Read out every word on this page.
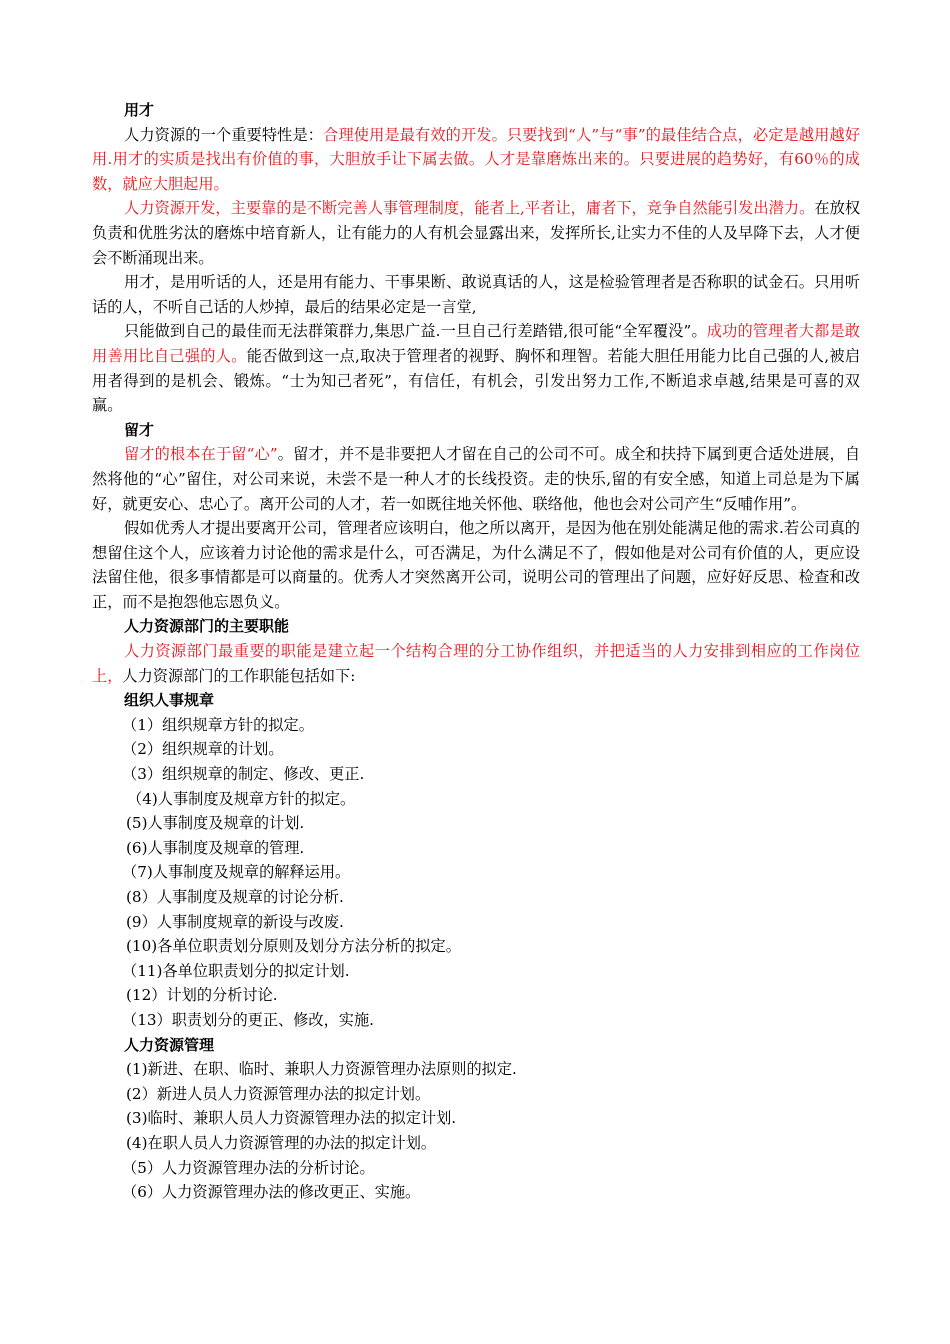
用才

人力资源的一个重要特性是：合理使用是最有效的开发。只要找到“人”与“事”的最佳结合点，必定是越用越好用.用才的实质是找出有价值的事，大胆放手让下属去做。人才是靠磨炼出来的。只要进展的趋势好，有60％的成数，就应大胆起用。

人力资源开发，主要靠的是不断完善人事管理制度，能者上,平者让，庸者下，竞争自然能引发出潜力。在放权负责和优胜劣汰的磨炼中培育新人，让有能力的人有机会显露出来，发挥所长,让实力不佳的人及早降下去，人才便会不断涌现出来。

用才，是用听话的人，还是用有能力、干事果断、敢说真话的人，这是检验管理者是否称职的试金石。只用听话的人，不听自己话的人炒掉，最后的结果必定是一言堂,

只能做到自己的最佳而无法群策群力,集思广益.一旦自己行差踏错,很可能“全军覆没”。成功的管理者大都是敢用善用比自己强的人。能否做到这一点,取决于管理者的视野、胸怀和理智。若能大胆任用能力比自己强的人,被启用者得到的是机会、锻炼。“士为知己者死”，有信任，有机会，引发出努力工作,不断追求卓越,结果是可喜的双赢。

留才

留才的根本在于留“心”。留才，并不是非要把人才留在自己的公司不可。成全和扶持下属到更合适处进展，自然将他的“心”留住，对公司来说，未尝不是一种人才的长线投资。走的快乐,留的有安全感，知道上司总是为下属好，就更安心、忠心了。离开公司的人才，若一如既往地关怀他、联络他，他也会对公司产生“反哺作用”。

假如优秀人才提出要离开公司，管理者应该明白，他之所以离开，是因为他在别处能满足他的需求.若公司真的想留住这个人，应该着力讨论他的需求是什么，可否满足，为什么满足不了，假如他是对公司有价值的人，更应设法留住他，很多事情都是可以商量的。优秀人才突然离开公司，说明公司的管理出了问题，应好好反思、检查和改正，而不是抱怨他忘恩负义。

人力资源部门的主要职能

人力资源部门最重要的职能是建立起一个结构合理的分工协作组织，并把适当的人力安排到相应的工作岗位上，人力资源部门的工作职能包括如下:

组织人事规章
（1）组织规章方针的拟定。
（2）组织规章的计划。
（3）组织规章的制定、修改、更正.
（4)人事制度及规章方针的拟定。
(5)人事制度及规章的计划.
(6)人事制度及规章的管理.
（7)人事制度及规章的解释运用。
(8）人事制度及规章的讨论分析.
(9）人事制度规章的新设与改废.
(10)各单位职责划分原则及划分方法分析的拟定。
（11)各单位职责划分的拟定计划.
(12）计划的分析讨论.
（13）职责划分的更正、修改，实施.
人力资源管理
(1)新进、在职、临时、兼职人力资源管理办法原则的拟定.
(2）新进人员人力资源管理办法的拟定计划。
(3)临时、兼职人员人力资源管理办法的拟定计划.
(4)在职人员人力资源管理的办法的拟定计划。
（5）人力资源管理办法的分析讨论。
（6）人力资源管理办法的修改更正、实施。
